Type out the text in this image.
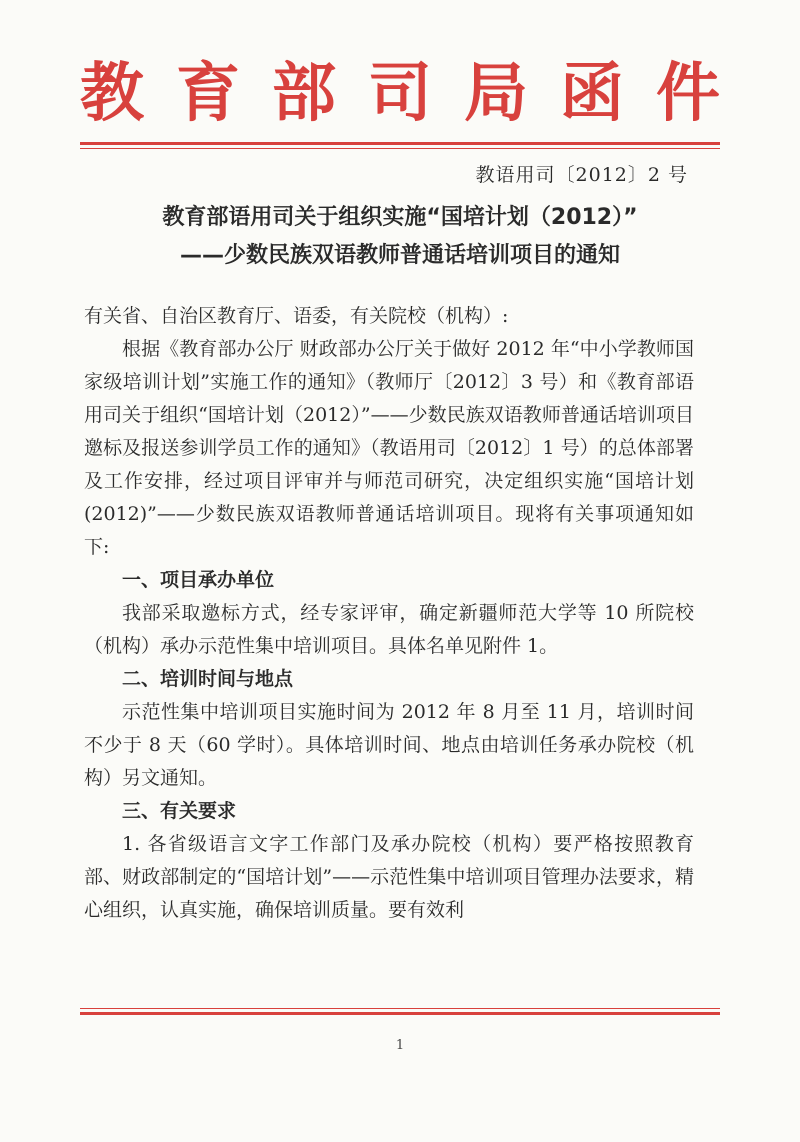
教 育 部 司 局 函 件
教语用司〔2012〕2 号
教育部语用司关于组织实施“国培计划（2012）”
——少数民族双语教师普通话培训项目的通知

有关省、自治区教育厅、语委，有关院校（机构）:

根据《教育部办公厅 财政部办公厅关于做好 2012 年“中小学教师国家级培训计划”实施工作的通知》（教师厅〔2012〕3 号）和《教育部语用司关于组织“国培计划（2012）”——少数民族双语教师普通话培训项目邀标及报送参训学员工作的通知》（教语用司〔2012〕1 号）的总体部署及工作安排，经过项目评审并与师范司研究，决定组织实施“国培计划(2012)”——少数民族双语教师普通话培训项目。现将有关事项通知如下:

一、项目承办单位

我部采取邀标方式，经专家评审，确定新疆师范大学等 10 所院校（机构）承办示范性集中培训项目。具体名单见附件 1。

二、培训时间与地点

示范性集中培训项目实施时间为 2012 年 8 月至 11 月，培训时间不少于 8 天（60 学时）。具体培训时间、地点由培训任务承办院校（机构）另文通知。

三、有关要求

1. 各省级语言文字工作部门及承办院校（机构）要严格按照教育部、财政部制定的“国培计划”——示范性集中培训项目管理办法要求，精心组织，认真实施，确保培训质量。要有效利

1
